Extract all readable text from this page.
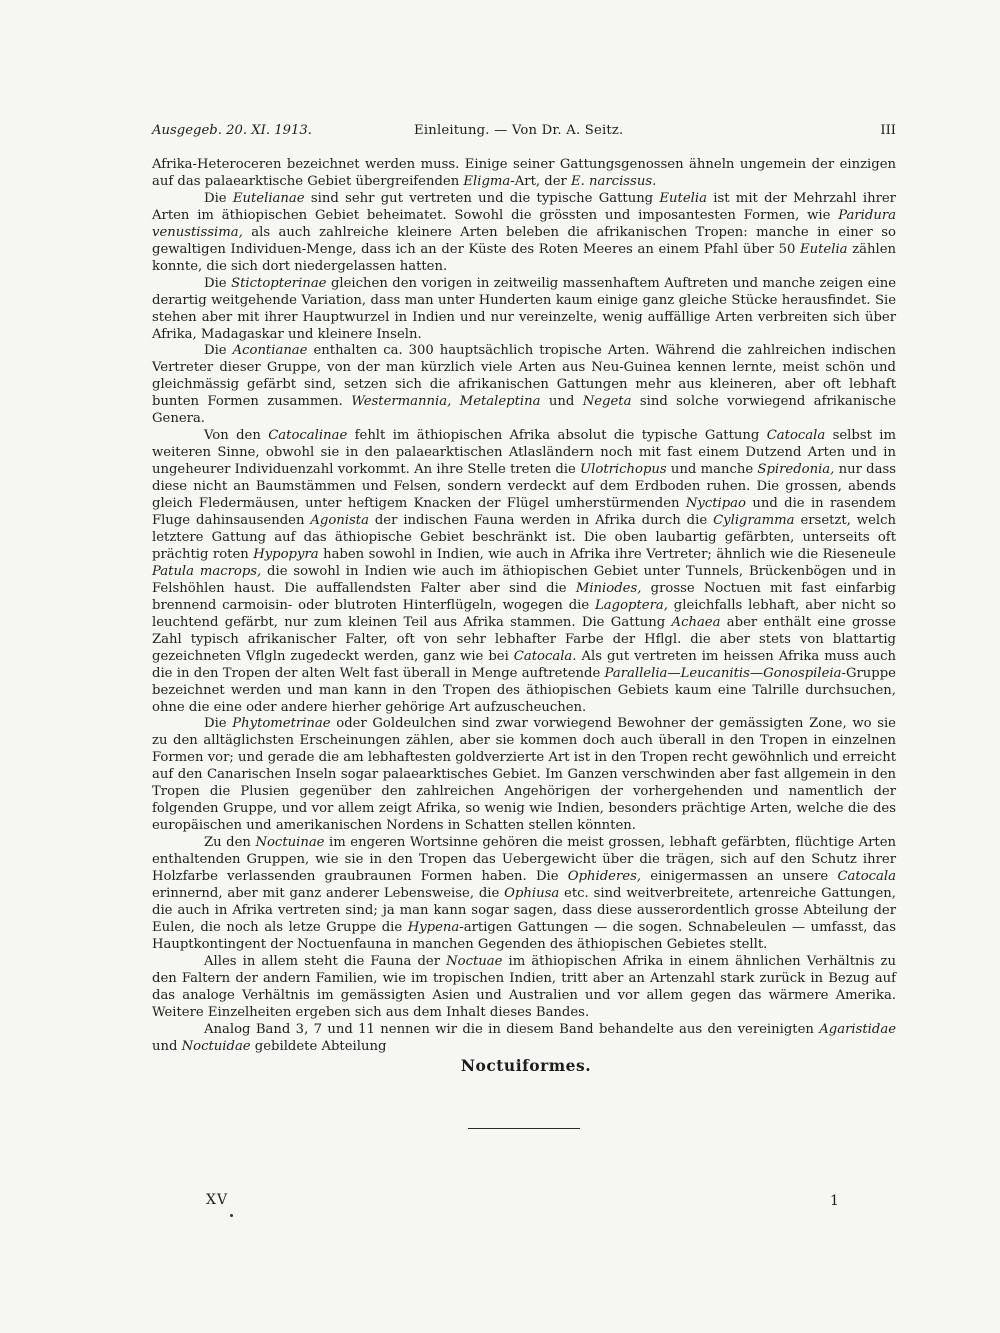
Ausgegeb. 20. XI. 1913.	Einleitung. — Von Dr. A. Seitz.	III

Afrika-Heteroceren bezeichnet werden muss. Einige seiner Gattungsgenossen ähneln ungemein der einzigen auf das palaearktische Gebiet übergreifenden Eligma-Art, der E. narcissus.

Die Eutelianae sind sehr gut vertreten und die typische Gattung Eutelia ist mit der Mehrzahl ihrer Arten im äthiopischen Gebiet beheimatet. Sowohl die grössten und imposantesten Formen, wie Paridura venustissima, als auch zahlreiche kleinere Arten beleben die afrikanischen Tropen: manche in einer so gewaltigen Individuen-Menge, dass ich an der Küste des Roten Meeres an einem Pfahl über 50 Eutelia zählen konnte, die sich dort niedergelassen hatten.

Die Stictopterinae gleichen den vorigen in zeitweilig massenhaftem Auftreten und manche zeigen eine derartig weitgehende Variation, dass man unter Hunderten kaum einige ganz gleiche Stücke herausfindet. Sie stehen aber mit ihrer Hauptwurzel in Indien und nur vereinzelte, wenig auffällige Arten verbreiten sich über Afrika, Madagaskar und kleinere Inseln.

Die Acontianae enthalten ca. 300 hauptsächlich tropische Arten. Während die zahlreichen indischen Vertreter dieser Gruppe, von der man kürzlich viele Arten aus Neu-Guinea kennen lernte, meist schön und gleichmässig gefärbt sind, setzen sich die afrikanischen Gattungen mehr aus kleineren, aber oft lebhaft bunten Formen zusammen. Westermannia, Metaleptina und Negeta sind solche vorwiegend afrikanische Genera.

Von den Catocalinae fehlt im äthiopischen Afrika absolut die typische Gattung Catocala selbst im weiteren Sinne, obwohl sie in den palaearktischen Atlasländern noch mit fast einem Dutzend Arten und in ungeheurer Individuenzahl vorkommt. An ihre Stelle treten die Ulotrichopus und manche Spiredonia, nur dass diese nicht an Baumstämmen und Felsen, sondern verdeckt auf dem Erdboden ruhen. Die grossen, abends gleich Fledermäusen, unter heftigem Knacken der Flügel umherstürmenden Nyctipao und die in rasendem Fluge dahinsausenden Agonista der indischen Fauna werden in Afrika durch die Cyligramma ersetzt, welch letztere Gattung auf das äthiopische Gebiet beschränkt ist. Die oben laubartig gefärbten, unterseits oft prächtig roten Hypopyra haben sowohl in Indien, wie auch in Afrika ihre Vertreter; ähnlich wie die Rieseneule Patula macrops, die sowohl in Indien wie auch im äthiopischen Gebiet unter Tunnels, Brückenbögen und in Felshöhlen haust. Die auffallendsten Falter aber sind die Miniodes, grosse Noctuen mit fast einfarbig brennend carmoisin- oder blutroten Hinterflügeln, wogegen die Lagoptera, gleichfalls lebhaft, aber nicht so leuchtend gefärbt, nur zum kleinen Teil aus Afrika stammen. Die Gattung Achaea aber enthält eine grosse Zahl typisch afrikanischer Falter, oft von sehr lebhafter Farbe der Hflgl. die aber stets von blattartig gezeichneten Vflgln zugedeckt werden, ganz wie bei Catocala. Als gut vertreten im heissen Afrika muss auch die in den Tropen der alten Welt fast überall in Menge auftretende Parallelia—Leucanitis—Gonospileia-Gruppe bezeichnet werden und man kann in den Tropen des äthiopischen Gebiets kaum eine Talrille durchsuchen, ohne die eine oder andere hierher gehörige Art aufzuscheuchen.

Die Phytometrinae oder Goldeulchen sind zwar vorwiegend Bewohner der gemässigten Zone, wo sie zu den alltäglichsten Erscheinungen zählen, aber sie kommen doch auch überall in den Tropen in einzelnen Formen vor; und gerade die am lebhaftesten goldverzierte Art ist in den Tropen recht gewöhnlich und erreicht auf den Canarischen Inseln sogar palaearktisches Gebiet. Im Ganzen verschwinden aber fast allgemein in den Tropen die Plusien gegenüber den zahlreichen Angehörigen der vorhergehenden und namentlich der folgenden Gruppe, und vor allem zeigt Afrika, so wenig wie Indien, besonders prächtige Arten, welche die des europäischen und amerikanischen Nordens in Schatten stellen könnten.

Zu den Noctuinae im engeren Wortsinne gehören die meist grossen, lebhaft gefärbten, flüchtige Arten enthaltenden Gruppen, wie sie in den Tropen das Uebergewicht über die trägen, sich auf den Schutz ihrer Holzfarbe verlassenden graubraunen Formen haben. Die Ophideres, einigermassen an unsere Catocala erinnernd, aber mit ganz anderer Lebensweise, die Ophiusa etc. sind weitverbreitete, artenreiche Gattungen, die auch in Afrika vertreten sind; ja man kann sogar sagen, dass diese ausserordentlich grosse Abteilung der Eulen, die noch als letze Gruppe die Hypena-artigen Gattungen — die sogen. Schnabeleulen — umfasst, das Hauptkontingent der Noctuenfauna in manchen Gegenden des äthiopischen Gebietes stellt.

Alles in allem steht die Fauna der Noctuae im äthiopischen Afrika in einem ähnlichen Verhältnis zu den Faltern der andern Familien, wie im tropischen Indien, tritt aber an Artenzahl stark zurück in Bezug auf das analoge Verhältnis im gemässigten Asien und Australien und vor allem gegen das wärmere Amerika. Weitere Einzelheiten ergeben sich aus dem Inhalt dieses Bandes.

Analog Band 3, 7 und 11 nennen wir die in diesem Band behandelte aus den vereinigten Agaristidae und Noctuidae gebildete Abteilung

Noctuiformes.
XV	1
